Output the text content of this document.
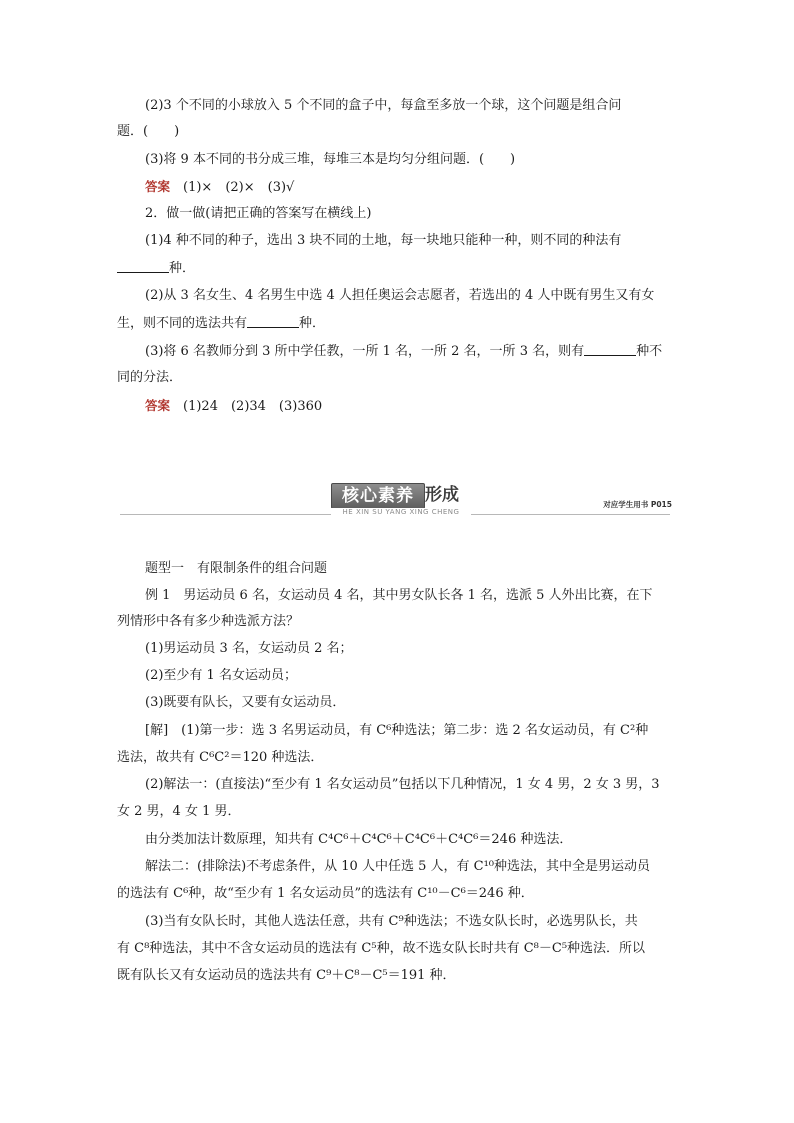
(2)3 个不同的小球放入 5 个不同的盒子中，每盒至多放一个球，这个问题是组合问
题．(　　)
(3)将 9 本不同的书分成三堆，每堆三本是均匀分组问题．(　　)
答案　(1)×　(2)×　(3)√
2．做一做(请把正确的答案写在横线上)
(1)4 种不同的种子，选出 3 块不同的土地，每一块地只能种一种，则不同的种法有
种．
(2)从 3 名女生、4 名男生中选 4 人担任奥运会志愿者，若选出的 4 人中既有男生又有女
生，则不同的选法共有	种．
(3)将 6 名教师分到 3 所中学任教，一所 1 名，一所 2 名，一所 3 名，则有	种不
同的分法．
答案　(1)24　(2)34　(3)360
核心素养 形成
HE XIN SU YANG XING CHENG
对应学生用书 P015
题型一　有限制条件的组合问题
例 1　男运动员 6 名，女运动员 4 名，其中男女队长各 1 名，选派 5 人外出比赛，在下
列情形中各有多少种选派方法？
(1)男运动员 3 名，女运动员 2 名；
(2)至少有 1 名女运动员；
(3)既要有队长，又要有女运动员．
[解]　(1)第一步：选 3 名男运动员，有 C⁶种选法；第二步：选 2 名女运动员，有 C²种
选法，故共有 C⁶C²＝120 种选法．
(2)解法一：(直接法)“至少有 1 名女运动员”包括以下几种情况，1 女 4 男，2 女 3 男，3
女 2 男，4 女 1 男．
由分类加法计数原理，知共有 C⁴C⁶＋C⁴C⁶＋C⁴C⁶＋C⁴C⁶＝246 种选法．
解法二：(排除法)不考虑条件，从 10 人中任选 5 人，有 C¹⁰种选法，其中全是男运动员
的选法有 C⁶种，故“至少有 1 名女运动员”的选法有 C¹⁰－C⁶＝246 种．
(3)当有女队长时，其他人选法任意，共有 C⁹种选法；不选女队长时，必选男队长，共
有 C⁸种选法，其中不含女运动员的选法有 C⁵种，故不选女队长时共有 C⁸－C⁵种选法．所以
既有队长又有女运动员的选法共有 C⁹＋C⁸－C⁵＝191 种．
